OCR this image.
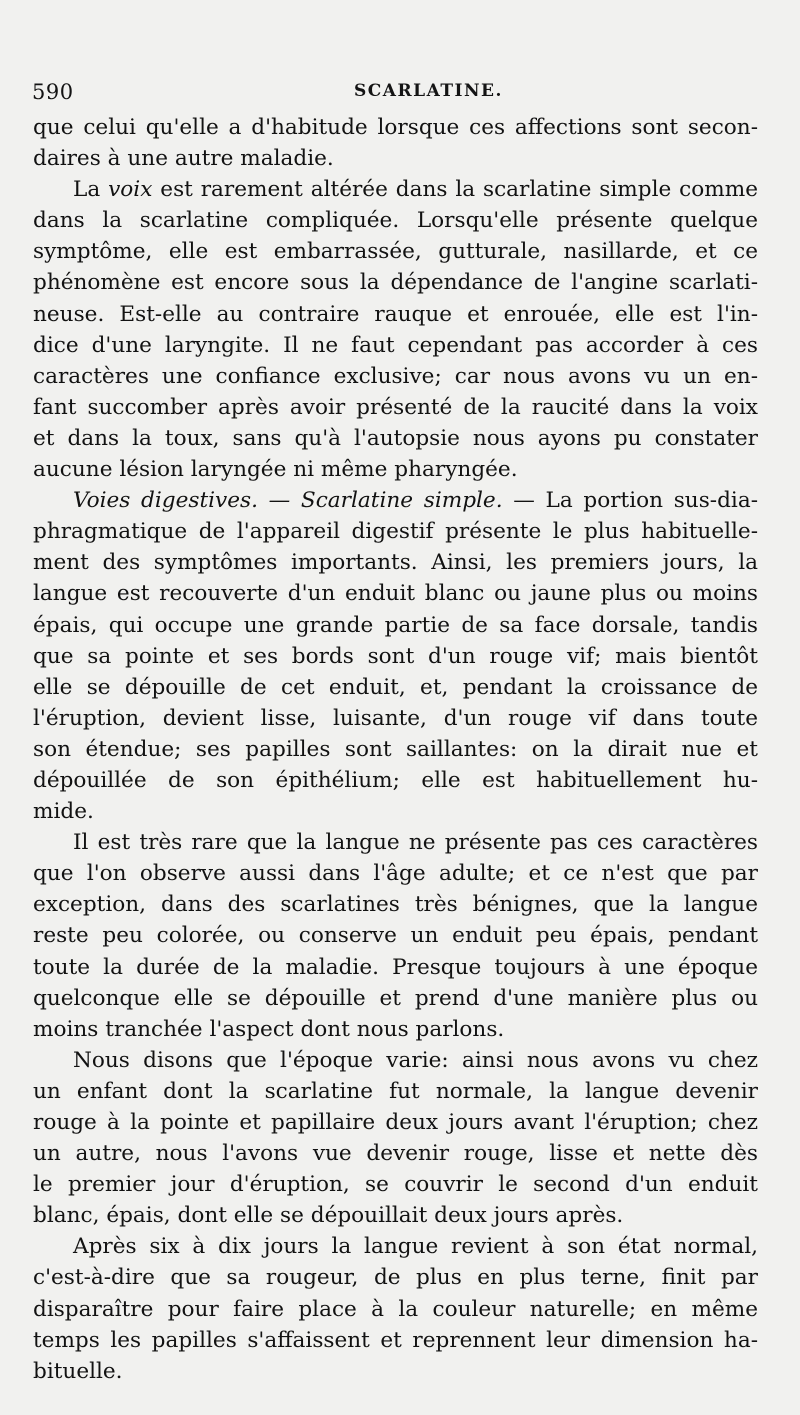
590	SCARLATINE.
que celui qu'elle a d'habitude lorsque ces affections sont secon-
daires à une autre maladie.
La voix est rarement altérée dans la scarlatine simple comme
dans la scarlatine compliquée. Lorsqu'elle présente quelque
symptôme, elle est embarrassée, gutturale, nasillarde, et ce
phénomène est encore sous la dépendance de l'angine scarlati-
neuse. Est-elle au contraire rauque et enrouée, elle est l'in-
dice d'une laryngite. Il ne faut cependant pas accorder à ces
caractères une confiance exclusive; car nous avons vu un en-
fant succomber après avoir présenté de la raucité dans la voix
et dans la toux, sans qu'à l'autopsie nous ayons pu constater
aucune lésion laryngée ni même pharyngée.
Voies digestives. — Scarlatine simple. — La portion sus-dia-
phragmatique de l'appareil digestif présente le plus habituelle-
ment des symptômes importants. Ainsi, les premiers jours, la
langue est recouverte d'un enduit blanc ou jaune plus ou moins
épais, qui occupe une grande partie de sa face dorsale, tandis
que sa pointe et ses bords sont d'un rouge vif; mais bientôt
elle se dépouille de cet enduit, et, pendant la croissance de
l'éruption, devient lisse, luisante, d'un rouge vif dans toute
son étendue; ses papilles sont saillantes: on la dirait nue et
dépouillée de son épithélium; elle est habituellement hu-
mide.
Il est très rare que la langue ne présente pas ces caractères
que l'on observe aussi dans l'âge adulte; et ce n'est que par
exception, dans des scarlatines très bénignes, que la langue
reste peu colorée, ou conserve un enduit peu épais, pendant
toute la durée de la maladie. Presque toujours à une époque
quelconque elle se dépouille et prend d'une manière plus ou
moins tranchée l'aspect dont nous parlons.
Nous disons que l'époque varie: ainsi nous avons vu chez
un enfant dont la scarlatine fut normale, la langue devenir
rouge à la pointe et papillaire deux jours avant l'éruption; chez
un autre, nous l'avons vue devenir rouge, lisse et nette dès
le premier jour d'éruption, se couvrir le second d'un enduit
blanc, épais, dont elle se dépouillait deux jours après.
Après six à dix jours la langue revient à son état normal,
c'est-à-dire que sa rougeur, de plus en plus terne, finit par
disparaître pour faire place à la couleur naturelle; en même
temps les papilles s'affaissent et reprennent leur dimension ha-
bituelle.
